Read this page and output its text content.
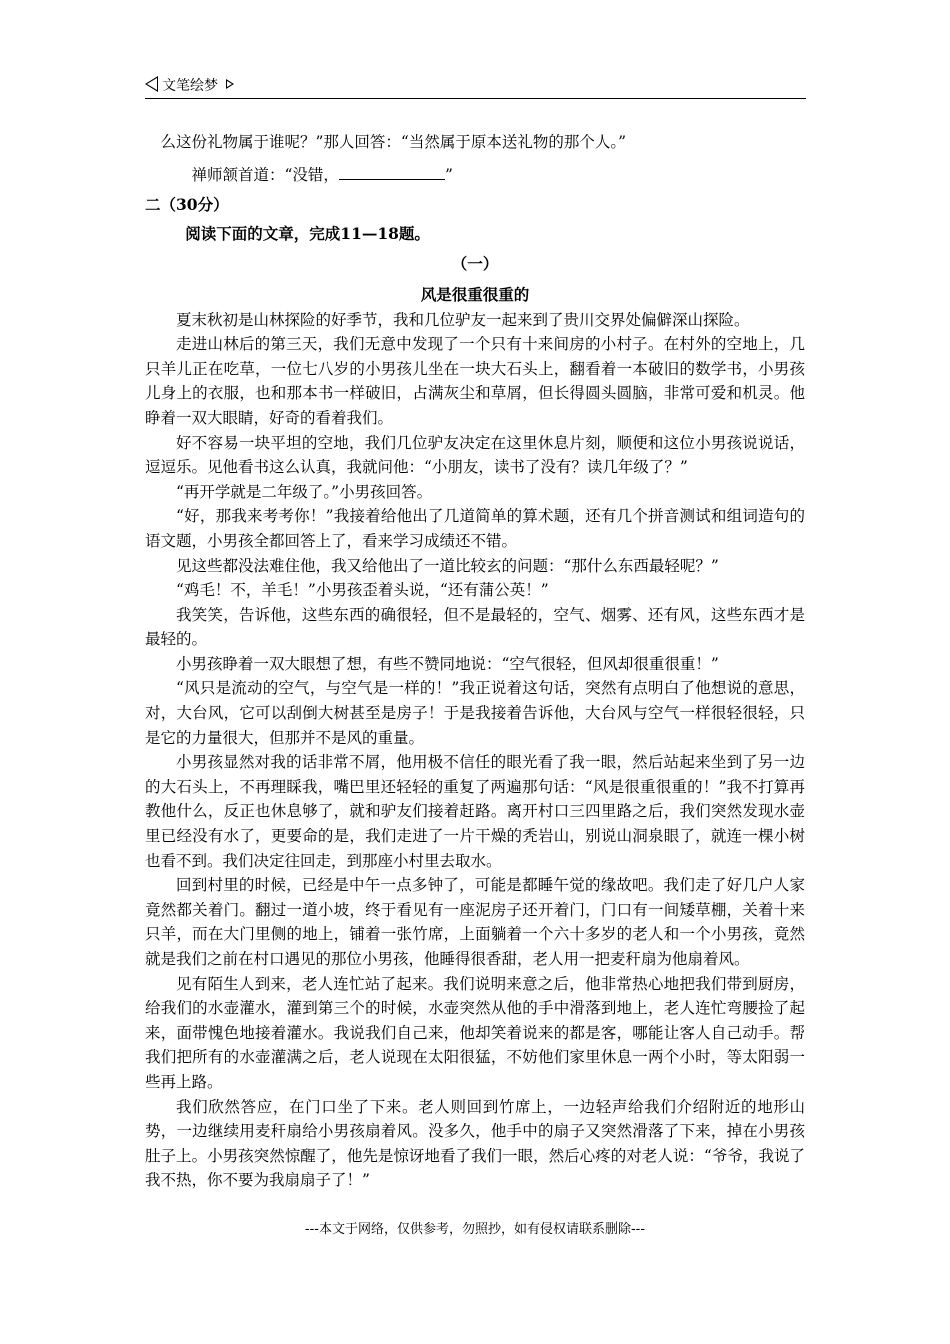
文笔绘梦

么这份礼物属于谁呢？”那人回答：“当然属于原本送礼物的那个人。”

禅师颔首道：“没错，	”

二（30分）

阅读下面的文章，完成11—18题。

（一）

风是很重很重的

夏末秋初是山林探险的好季节，我和几位驴友一起来到了贵川交界处偏僻深山探险。

走进山林后的第三天，我们无意中发现了一个只有十来间房的小村子。在村外的空地上，几只羊儿正在吃草，一位七八岁的小男孩儿坐在一块大石头上，翻看着一本破旧的数学书，小男孩儿身上的衣服，也和那本书一样破旧，占满灰尘和草屑，但长得圆头圆脑，非常可爱和机灵。他睁着一双大眼睛，好奇的看着我们。

好不容易一块平坦的空地，我们几位驴友决定在这里休息片刻，顺便和这位小男孩说说话，逗逗乐。见他看书这么认真，我就问他：“小朋友，读书了没有？读几年级了？”

“再开学就是二年级了。”小男孩回答。

“好，那我来考考你！”我接着给他出了几道简单的算术题，还有几个拼音测试和组词造句的语文题，小男孩全都回答上了，看来学习成绩还不错。

见这些都没法难住他，我又给他出了一道比较玄的问题：“那什么东西最轻呢？”

“鸡毛！不，羊毛！”小男孩歪着头说，“还有蒲公英！”

我笑笑，告诉他，这些东西的确很轻，但不是最轻的，空气、烟雾、还有风，这些东西才是最轻的。

小男孩睁着一双大眼想了想，有些不赞同地说：“空气很轻，但风却很重很重！”

“风只是流动的空气，与空气是一样的！”我正说着这句话，突然有点明白了他想说的意思，对，大台风，它可以刮倒大树甚至是房子！于是我接着告诉他，大台风与空气一样很轻很轻，只是它的力量很大，但那并不是风的重量。

小男孩显然对我的话非常不屑，他用极不信任的眼光看了我一眼，然后站起来坐到了另一边的大石头上，不再理睬我，嘴巴里还轻轻的重复了两遍那句话：“风是很重很重的！”我不打算再教他什么，反正也休息够了，就和驴友们接着赶路。离开村口三四里路之后，我们突然发现水壶里已经没有水了，更要命的是，我们走进了一片干燥的秃岩山，别说山洞泉眼了，就连一棵小树也看不到。我们决定往回走，到那座小村里去取水。

回到村里的时候，已经是中午一点多钟了，可能是都睡午觉的缘故吧。我们走了好几户人家竟然都关着门。翻过一道小坡，终于看见有一座泥房子还开着门，门口有一间矮草棚，关着十来只羊，而在大门里侧的地上，铺着一张竹席，上面躺着一个六十多岁的老人和一个小男孩，竟然就是我们之前在村口遇见的那位小男孩，他睡得很香甜，老人用一把麦秆扇为他扇着风。

见有陌生人到来，老人连忙站了起来。我们说明来意之后，他非常热心地把我们带到厨房，给我们的水壶灌水，灌到第三个的时候，水壶突然从他的手中滑落到地上，老人连忙弯腰捡了起来，面带愧色地接着灌水。我说我们自己来，他却笑着说来的都是客，哪能让客人自己动手。帮我们把所有的水壶灌满之后，老人说现在太阳很猛，不妨他们家里休息一两个小时，等太阳弱一些再上路。

我们欣然答应，在门口坐了下来。老人则回到竹席上，一边轻声给我们介绍附近的地形山势，一边继续用麦秆扇给小男孩扇着风。没多久，他手中的扇子又突然滑落了下来，掉在小男孩肚子上。小男孩突然惊醒了，他先是惊讶地看了我们一眼，然后心疼的对老人说：“爷爷，我说了我不热，你不要为我扇扇子了！”

---本文于网络，仅供参考，勿照抄，如有侵权请联系删除---
